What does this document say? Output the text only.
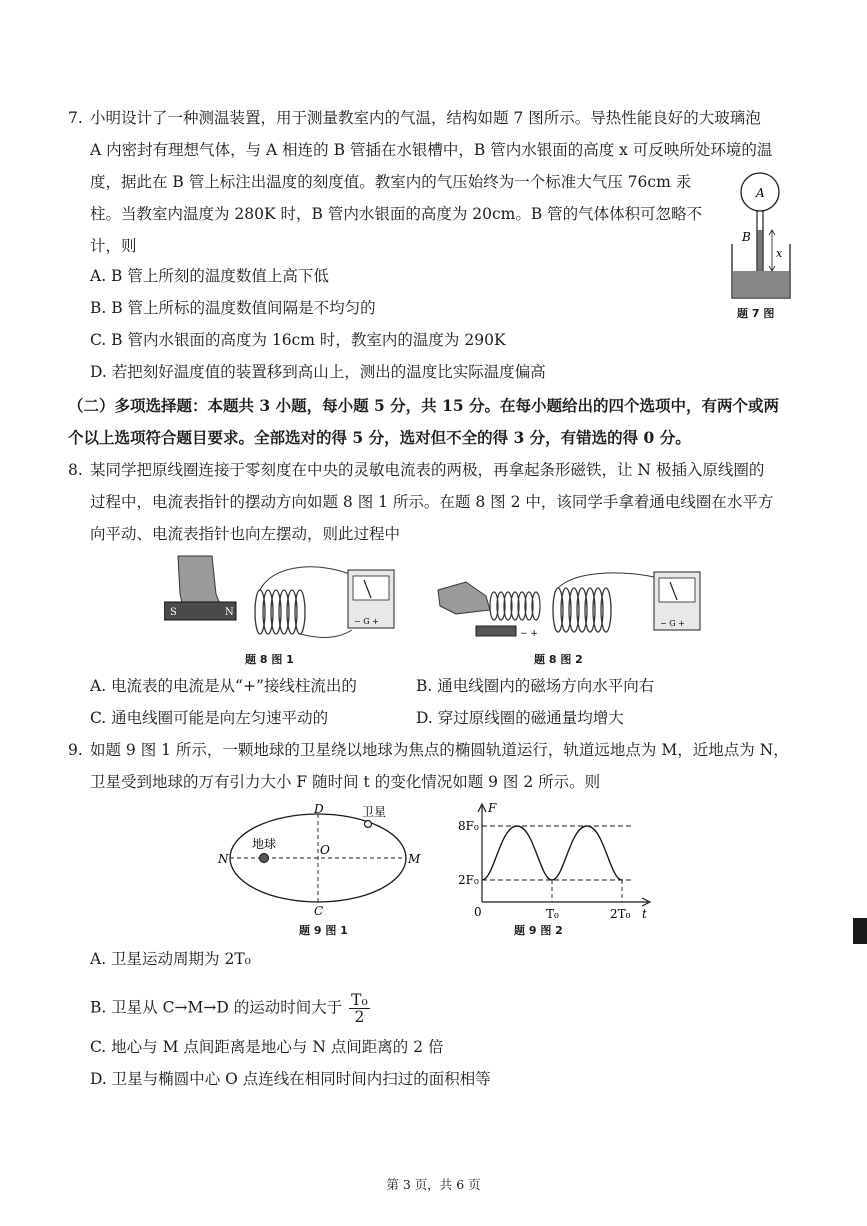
7. 小明设计了一种测温装置，用于测量教室内的气温，结构如题 7 图所示。导热性能良好的大玻璃泡
A 内密封有理想气体，与 A 相连的 B 管插在水银槽中，B 管内水银面的高度 x 可反映所处环境的温
度，据此在 B 管上标注出温度的刻度值。教室内的气压始终为一个标准大气压 76cm 汞
柱。当教室内温度为 280K 时，B 管内水银面的高度为 20cm。B 管的气体体积可忽略不
计，则
A. B 管上所刻的温度数值上高下低
B. B 管上所标的温度数值间隔是不均匀的
C. B 管内水银面的高度为 16cm 时，教室内的温度为 290K
D. 若把刻好温度值的装置移到高山上，测出的温度比实际温度偏高
A
B
x
题 7 图
（二）多项选择题：本题共 3 小题，每小题 5 分，共 15 分。在每小题给出的四个选项中，有两个或两
个以上选项符合题目要求。全部选对的得 5 分，选对但不全的得 3 分，有错选的得 0 分。
8. 某同学把原线圈连接于零刻度在中央的灵敏电流表的两极，再拿起条形磁铁，让 N 极插入原线圈的
过程中，电流表指针的摆动方向如题 8 图 1 所示。在题 8 图 2 中，该同学手拿着通电线圈在水平方
向平动、电流表指针也向左摆动，则此过程中
S	N
− G +
题 8 图 1
− +
− G +
题 8 图 2
A. 电流表的电流是从“+”接线柱流出的	B. 通电线圈内的磁场方向水平向右
C. 通电线圈可能是向左匀速平动的	D. 穿过原线圈的磁通量均增大
9. 如题 9 图 1 所示，一颗地球的卫星绕以地球为焦点的椭圆轨道运行，轨道远地点为 M，近地点为 N，
卫星受到地球的万有引力大小 F 随时间 t 的变化情况如题 9 图 2 所示。则
D
C
N	M
O
地球
卫星
题 9 图 1
8F₀
2F₀
F
t
0	T₀	2T₀
题 9 图 2
A. 卫星运动周期为 2T₀
B. 卫星从 C→M→D 的运动时间大于 $\frac{\text{T₀}}{2}$
C. 地心与 M 点间距离是地心与 N 点间距离的 2 倍
D. 卫星与椭圆中心 O 点连线在相同时间内扫过的面积相等
第 3 页，共 6 页
